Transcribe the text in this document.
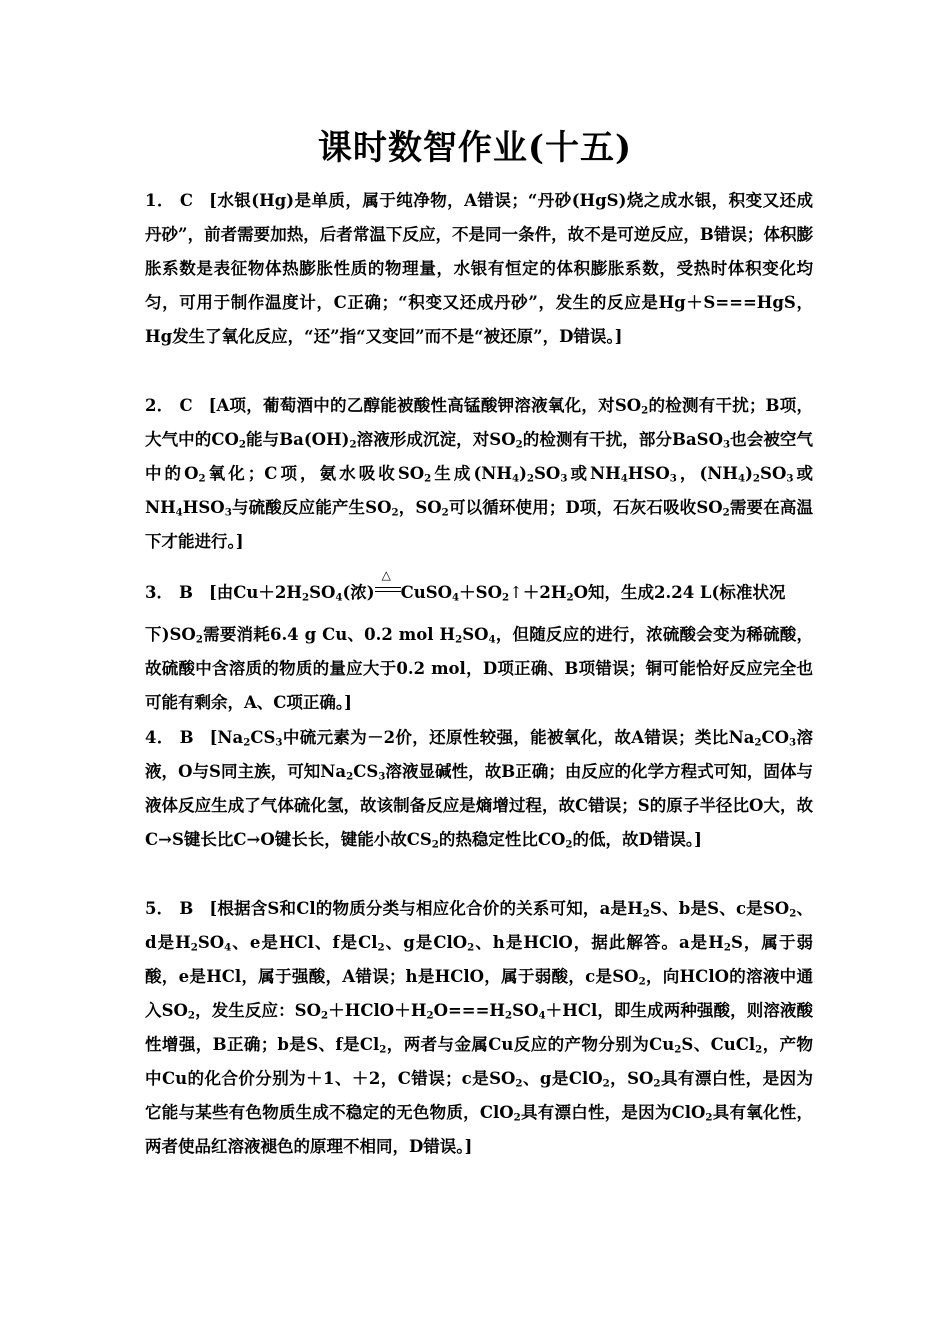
课时数智作业(十五)

1． C [水银(Hg)是单质，属于纯净物，A错误；“丹砂(HgS)烧之成水银，积变又还成丹砂”，前者需要加热，后者常温下反应，不是同一条件，故不是可逆反应，B错误；体积膨胀系数是表征物体热膨胀性质的物理量，水银有恒定的体积膨胀系数，受热时体积变化均匀，可用于制作温度计，C正确；“积变又还成丹砂”，发生的反应是Hg＋S===HgS，Hg发生了氧化反应，“还”指“又变回”而不是“被还原”，D错误。]

2． C [A项，葡萄酒中的乙醇能被酸性高锰酸钾溶液氧化，对$SO_2$的检测有干扰；B项，大气中的$CO_2$能与$Ba(OH)_2$溶液形成沉淀，对$SO_2$的检测有干扰，部分BaSO$_3$也会被空气中的$O_2$氧化；C项，氨水吸收$SO_2$生成$(NH_4)_2SO_3$或$NH_4HSO_3$，$(NH_4)_2SO_3$或$NH_4HSO_3$与硫酸反应能产生$SO_2$，$SO_2$可以循环使用；D项，石灰石吸收$SO_2$需要在高温下才能进行。]

3． B [由$Cu+2H_2SO_4$(浓)
△
$CuSO_4+SO_2↑+2H_2O$知，生成2.24 L(标准状况

下)$SO_2$需要消耗6.4 g Cu、0.2 mol $H_2SO_4$，但随反应的进行，浓硫酸会变为稀硫酸，故硫酸中含溶质的物质的量应大于0.2 mol，D项正确、B项错误；铜可能恰好反应完全也可能有剩余，A、C项正确。]

4． B [$Na_2CS_3$中硫元素为－2价，还原性较强，能被氧化，故A错误；类比$Na_2CO_3$溶液，O与S同主族，可知$Na_2CS_3$溶液显碱性，故B正确；由反应的化学方程式可知，固体与液体反应生成了气体硫化氢，故该制备反应是熵增过程，故C错误；S的原子半径比O大，故C→S键长比C→O键长长，键能小故$CS_2$的热稳定性比$CO_2$的低，故D错误。]

5． B [根据含S和Cl的物质分类与相应化合价的关系可知，a是$H_2S$、b是S、c是$SO_2$、d是$H_2SO_4$、e是HCl、f是$Cl_2$、g是ClO$_2$、h是HClO，据此解答。a是$H_2S$，属于弱酸，e是HCl，属于强酸，A错误；h是HClO，属于弱酸，c是$SO_2$，向HClO的溶液中通入$SO_2$，发生反应：$SO_2+HClO+H_2O===H_2SO_4+HCl$，即生成两种强酸，则溶液酸性增强，B正确；b是S、f是$Cl_2$，两者与金属Cu反应的产物分别为$Cu_2S$、CuCl$_2$，产物中Cu的化合价分别为＋1、＋2，C错误；c是$SO_2$、g是ClO$_2$，$SO_2$具有漂白性，是因为它能与某些有色物质生成不稳定的无色物质，ClO$_2$具有漂白性，是因为ClO$_2$具有氧化性，两者使品红溶液褪色的原理不相同，D错误。]
